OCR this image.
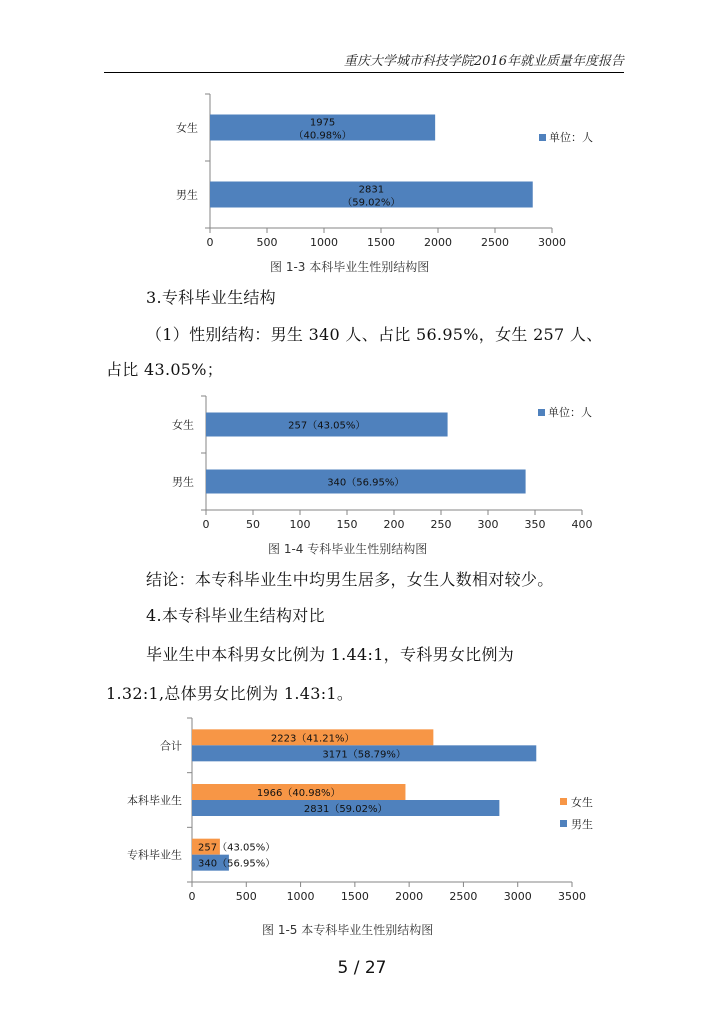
重庆大学城市科技学院2016年就业质量年度报告
0	500	1000	1500	2000	2500	3000
1975
（40.98%）
女生
2831
（59.02%）
男生
单位：人
图 1-3 本科毕业生性别结构图
3.专科毕业生结构
（1）性别结构：男生 340 人、占比 56.95%，女生 257 人、
占比 43.05%；
0	50	100 150 200 250 300 350 400
257（43.05%）
女生
340（56.95%）
男生
单位：人
图 1-4 专科毕业生性别结构图
结论：本专科毕业生中均男生居多，女生人数相对较少。
4.本专科毕业生结构对比
毕业生中本科男女比例为 1.44:1，专科男女比例为
1.32:1,总体男女比例为 1.43:1。
0	500	1000 1500 2000 2500 3000 3500
合计
2223（41.21%）
3171（58.79%）
本科毕业生
1966（40.98%）
2831（59.02%）
专科毕业生
257（43.05%）
340（56.95%）
女生
男生
图 1-5 本专科毕业生性别结构图
5 / 27
